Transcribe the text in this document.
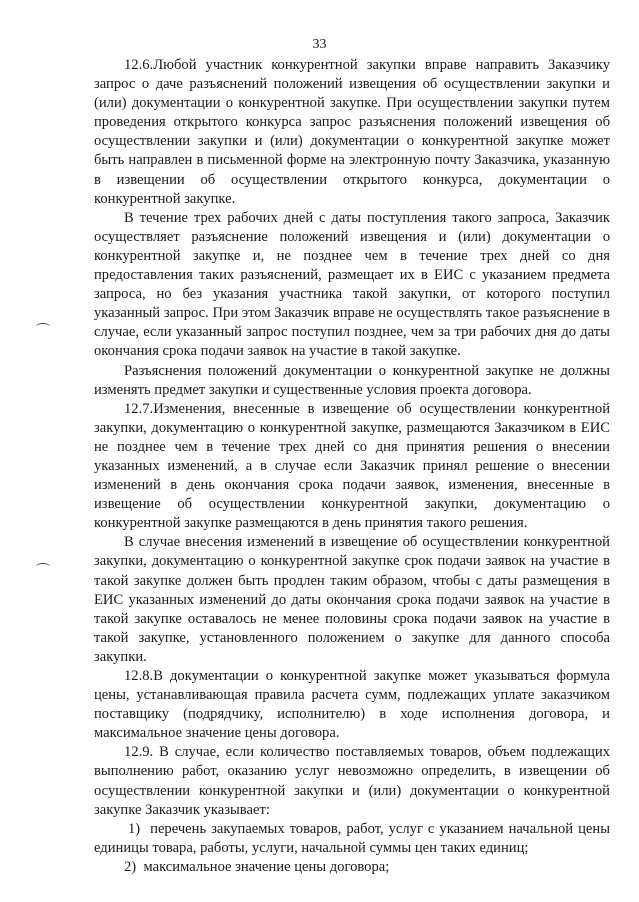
33

12.6.Любой участник конкурентной закупки вправе направить Заказчику запрос о даче разъяснений положений извещения об осуществлении закупки и (или) документации о конкурентной закупке. При осуществлении закупки путем проведения открытого конкурса запрос разъяснения положений извещения об осуществлении закупки и (или) документации о конкурентной закупке может быть направлен в письменной форме на электронную почту Заказчика, указанную в извещении об осуществлении открытого конкурса, документации о конкурентной закупке.

В течение трех рабочих дней с даты поступления такого запроса, Заказчик осуществляет разъяснение положений извещения и (или) документации о конкурентной закупке и, не позднее чем в течение трех дней со дня предоставления таких разъяснений, размещает их в ЕИС с указанием предмета запроса, но без указания участника такой закупки, от которого поступил указанный запрос. При этом Заказчик вправе не осуществлять такое разъяснение в случае, если указанный запрос поступил позднее, чем за три рабочих дня до даты окончания срока подачи заявок на участие в такой закупке.

Разъяснения положений документации о конкурентной закупке не должны изменять предмет закупки и существенные условия проекта договора.

12.7.Изменения, внесенные в извещение об осуществлении конкурентной закупки, документацию о конкурентной закупке, размещаются Заказчиком в ЕИС не позднее чем в течение трех дней со дня принятия решения о внесении указанных изменений, а в случае если Заказчик принял решение о внесении изменений в день окончания срока подачи заявок, изменения, внесенные в извещение об осуществлении конкурентной закупки, документацию о конкурентной закупке размещаются в день принятия такого решения.

В случае внесения изменений в извещение об осуществлении конкурентной закупки, документацию о конкурентной закупке срок подачи заявок на участие в такой закупке должен быть продлен таким образом, чтобы с даты размещения в ЕИС указанных изменений до даты окончания срока подачи заявок на участие в такой закупке оставалось не менее половины срока подачи заявок на участие в такой закупке, установленного положением о закупке для данного способа закупки.

12.8.В документации о конкурентной закупке может указываться формула цены, устанавливающая правила расчета сумм, подлежащих уплате заказчиком поставщику (подрядчику, исполнителю) в ходе исполнения договора, и максимальное значение цены договора.

12.9. В случае, если количество поставляемых товаров, объем подлежащих выполнению работ, оказанию услуг невозможно определить, в извещении об осуществлении конкурентной закупки и (или) документации о конкурентной закупке Заказчик указывает:

1)  перечень закупаемых товаров, работ, услуг с указанием начальной цены единицы товара, работы, услуги, начальной суммы цен таких единиц;

2)  максимальное значение цены договора;
